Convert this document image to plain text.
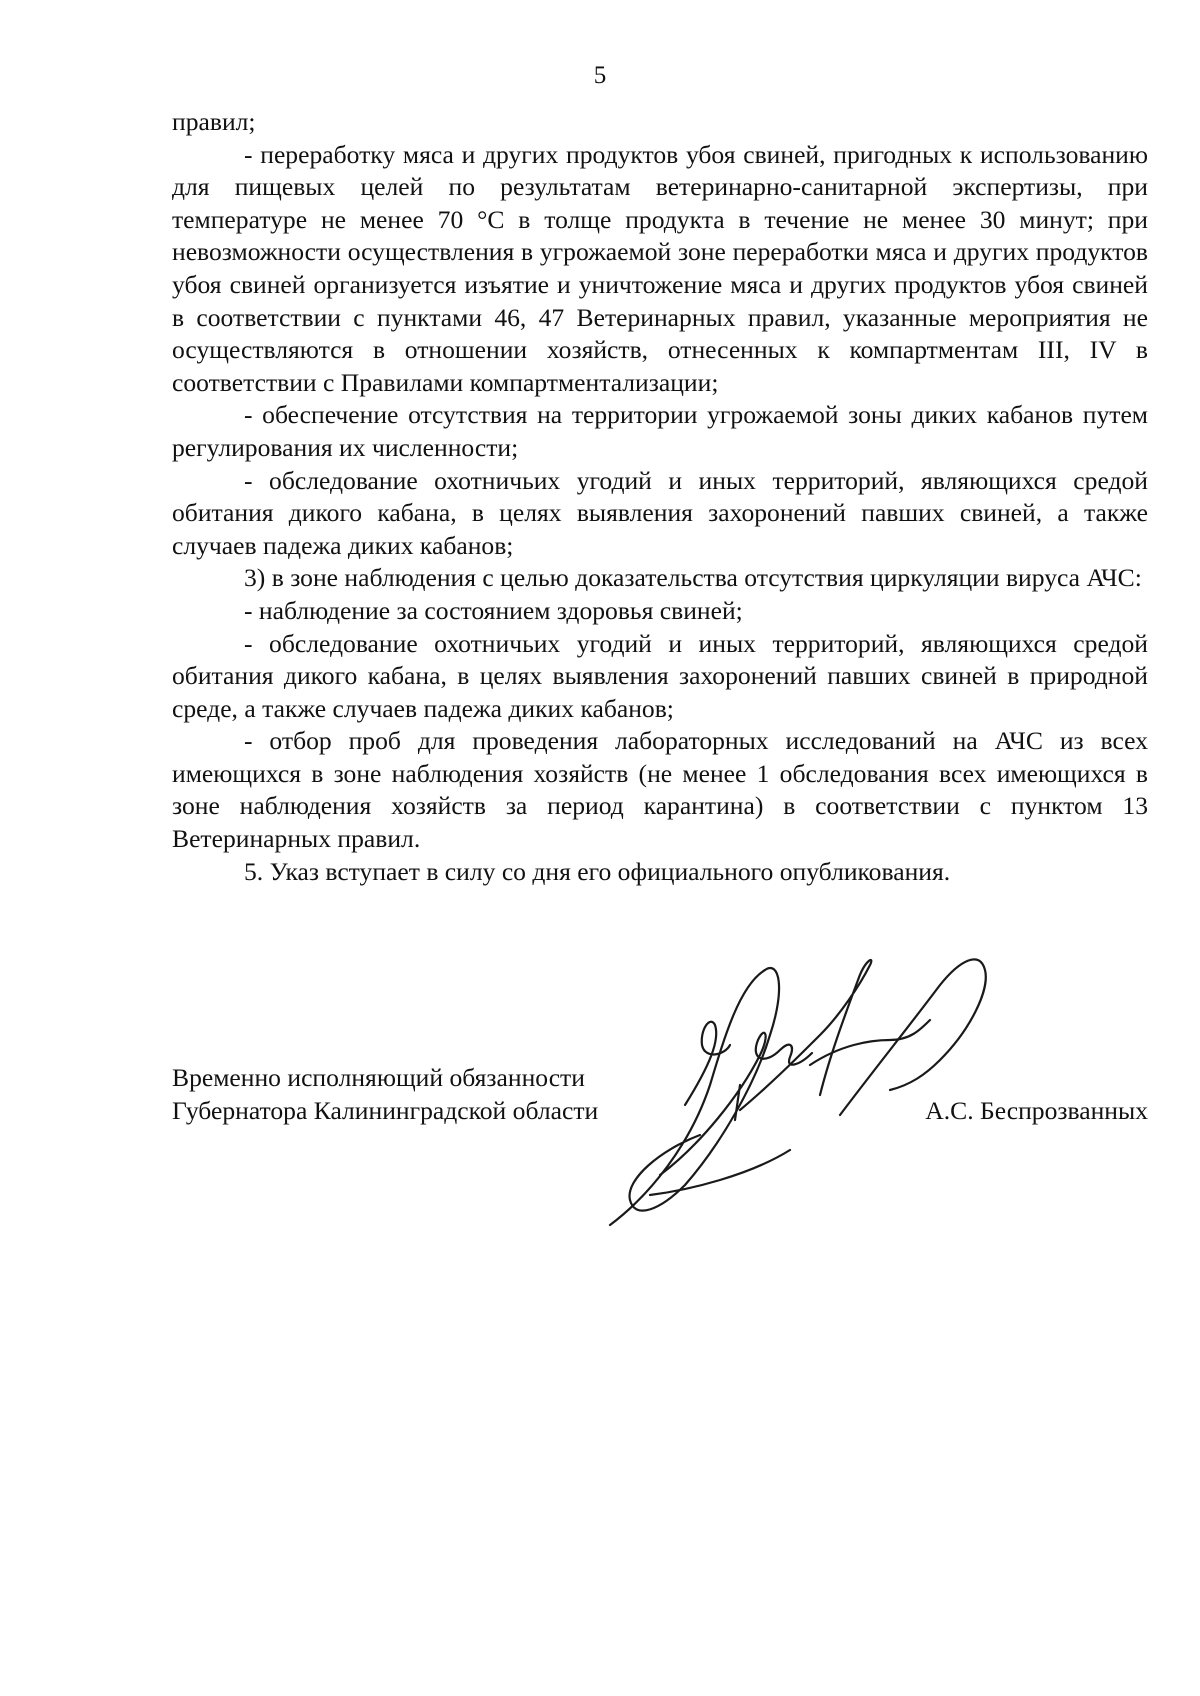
5

правил;

- переработку мяса и других продуктов убоя свиней, пригодных к использованию для пищевых целей по результатам ветеринарно-санитарной экспертизы, при температуре не менее 70 °С в толще продукта в течение не менее 30 минут; при невозможности осуществления в угрожаемой зоне переработки мяса и других продуктов убоя свиней организуется изъятие и уничтожение мяса и других продуктов убоя свиней в соответствии с пунктами 46, 47 Ветеринарных правил, указанные мероприятия не осуществляются в отношении хозяйств, отнесенных к компартментам III, IV в соответствии с Правилами компартментализации;

- обеспечение отсутствия на территории угрожаемой зоны диких кабанов путем регулирования их численности;

- обследование охотничьих угодий и иных территорий, являющихся средой обитания дикого кабана, в целях выявления захоронений павших свиней, а также случаев падежа диких кабанов;

3) в зоне наблюдения с целью доказательства отсутствия циркуляции вируса АЧС:

- наблюдение за состоянием здоровья свиней;

- обследование охотничьих угодий и иных территорий, являющихся средой обитания дикого кабана, в целях выявления захоронений павших свиней в природной среде, а также случаев падежа диких кабанов;

- отбор проб для проведения лабораторных исследований на АЧС из всех имеющихся в зоне наблюдения хозяйств (не менее 1 обследования всех имеющихся в зоне наблюдения хозяйств за период карантина) в соответствии с пунктом 13 Ветеринарных правил.

5. Указ вступает в силу со дня его официального опубликования.

Временно исполняющий обязанности
Губернатора Калининградской области	А.С. Беспрозванных
